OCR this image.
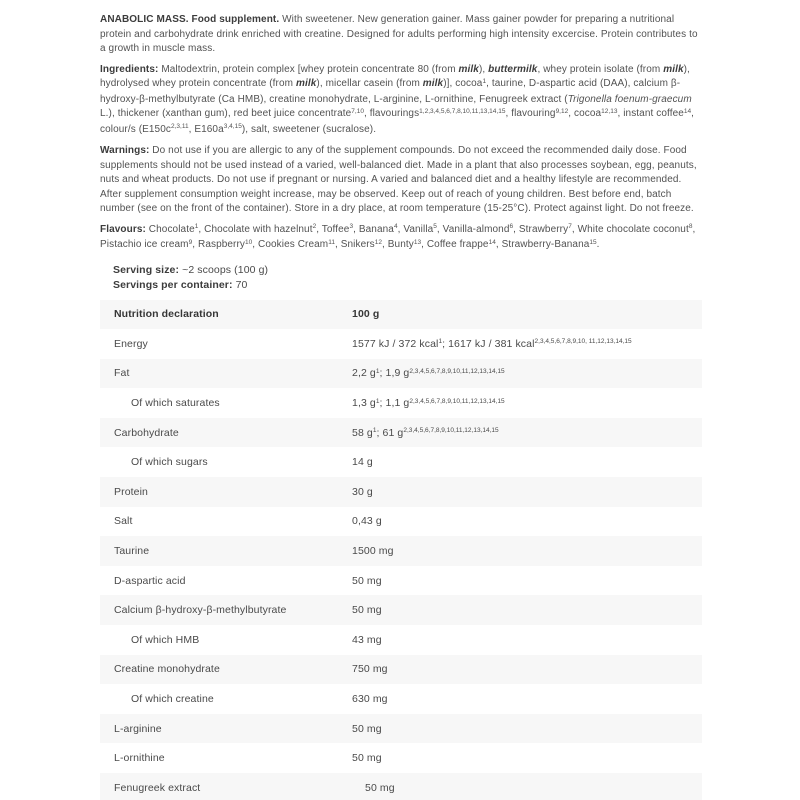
ANABOLIC MASS. Food supplement. With sweetener. New generation gainer. Mass gainer powder for preparing a nutritional protein and carbohydrate drink enriched with creatine. Designed for adults performing high intensity excercise. Protein contributes to a growth in muscle mass.

Ingredients: Maltodextrin, protein complex [whey protein concentrate 80 (from milk), buttermilk, whey protein isolate (from milk), hydrolysed whey protein concentrate (from milk), micellar casein (from milk)], cocoa$^1$, taurine, D-aspartic acid (DAA), calcium β-hydroxy-β-methylbutyrate (Ca HMB), creatine monohydrate, L-arginine, L-ornithine, Fenugreek extract (Trigonella foenum-graecum L.), thickener (xanthan gum), red beet juice concentrate$^{7,10}$, flavourings$^{1,2,3,4,5,6,7,8,10,11,13,14,15}$, flavouring$^{9,12}$, cocoa$^{12,13}$, instant coffee$^{14}$, colour/s ($E150c^{2,3,11}$, $E160a^{3,4,15}$), salt, sweetener (sucralose).

Warnings: Do not use if you are allergic to any of the supplement compounds. Do not exceed the recommended daily dose. Food supplements should not be used instead of a varied, well-balanced diet. Made in a plant that also processes soybean, egg, peanuts, nuts and wheat products. Do not use if pregnant or nursing. A varied and balanced diet and a healthy lifestyle are recommended. After supplement consumption weight increase, may be observed. Keep out of reach of young children. Best before end, batch number (see on the front of the container). Store in a dry place, at room temperature (15-25°C). Protect against light. Do not freeze.

Flavours: Chocolate$^1$, Chocolate with hazelnut$^2$, Toffee$^3$, Banana$^4$, Vanilla$^5$, Vanilla-almond$^6$, Strawberry$^7$, White chocolate coconut$^8$, Pistachio ice cream$^9$, Raspberry$^{10}$, Cookies Cream$^{11}$, Snikers$^{12}$, Bunty$^{13}$, Coffee frappe$^{14}$, Strawberry-Banana$^{15}$.

Serving size: ~2 scoops (100 g)

Servings per container: 70

Nutrition declaration	100 g
Energy	1577 kJ / 372 kcal$^1$; 1617 kJ / 381 kcal$^{2,3,4,5,6,7,8,9,10, 11,12,13,14,15}$
Fat	2,2 $g^1$; 1,9 $g^{2,3,4,5,6,7,8,9,10,11,12,13,14,15}$
Of which saturates	1,3 $g^1$; 1,1 $g^{2,3,4,5,6,7,8,9,10,11,12,13,14,15}$
Carbohydrate	58 $g^1$; 61 $g^{2,3,4,5,6,7,8,9,10,11,12,13,14,15}$
Of which sugars	14 g
Protein	30 g
Salt	0,43 g
Taurine	1500 mg
D-aspartic acid	50 mg
Calcium β-hydroxy-β-methylbutyrate	50 mg
Of which HMB	43 mg
Creatine monohydrate	750 mg
Of which creatine	630 mg
L-arginine	50 mg
L-ornithine	50 mg
Fenugreek extract	50 mg
